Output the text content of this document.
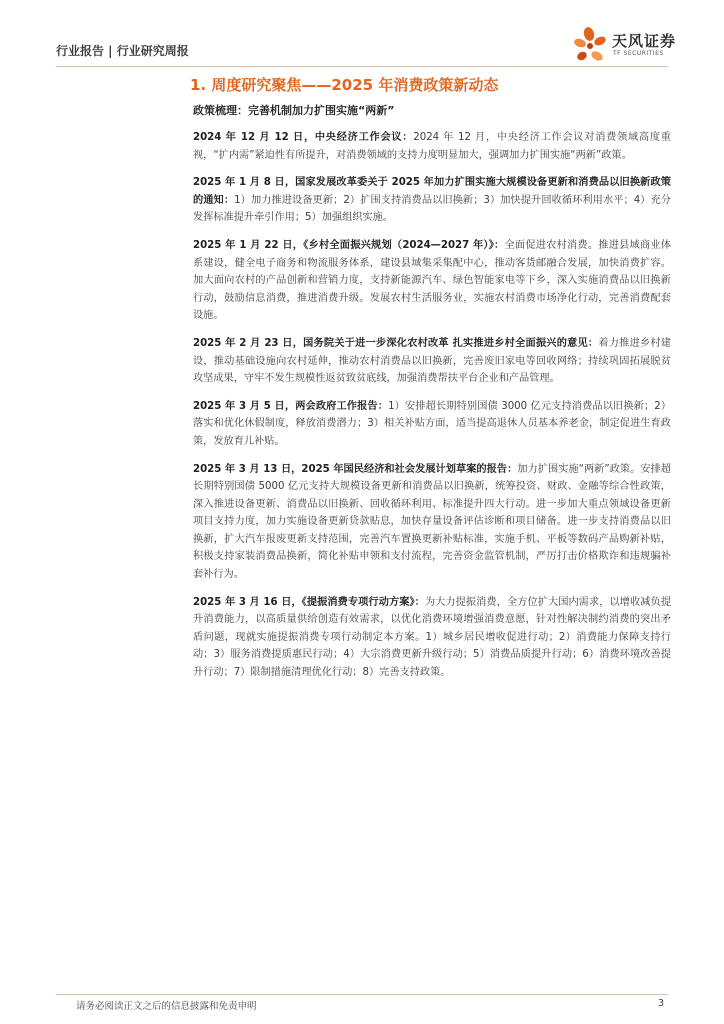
行业报告 | 行业研究周报
天风证券
TF SECURITIES
1. 周度研究聚焦——2025 年消费政策新动态
政策梳理：完善机制加力扩围实施“两新”

2024 年 12 月 12 日，中央经济工作会议：2024 年 12 月，中央经济工作会议对消费领域高度重视，“扩内需”紧迫性有所提升，对消费领域的支持力度明显加大，强调加力扩围实施“两新”政策。

2025 年 1 月 8 日，国家发展改革委关于 2025 年加力扩围实施大规模设备更新和消费品以旧换新政策的通知：1）加力推进设备更新；2）扩围支持消费品以旧换新；3）加快提升回收循环利用水平；4）充分发挥标准提升牵引作用；5）加强组织实施。

2025 年 1 月 22 日，《乡村全面振兴规划（2024—2027 年）》：全面促进农村消费。推进县域商业体系建设，健全电子商务和物流服务体系，建设县域集采集配中心，推动客货邮融合发展，加快消费扩容。加大面向农村的产品创新和营销力度，支持新能源汽车、绿色智能家电等下乡，深入实施消费品以旧换新行动，鼓励信息消费，推进消费升级。发展农村生活服务业，实施农村消费市场净化行动，完善消费配套设施。

2025 年 2 月 23 日，国务院关于进一步深化农村改革 扎实推进乡村全面振兴的意见：着力推进乡村建设，推动基础设施向农村延伸，推动农村消费品以旧换新，完善废旧家电等回收网络；持续巩固拓展脱贫攻坚成果，守牢不发生规模性返贫致贫底线，加强消费帮扶平台企业和产品管理。

2025 年 3 月 5 日，两会政府工作报告：1）安排超长期特别国债 3000 亿元支持消费品以旧换新；2）落实和优化休假制度，释放消费潜力；3）相关补贴方面，适当提高退休人员基本养老金，制定促进生育政策，发放育儿补贴。

2025 年 3 月 13 日，2025 年国民经济和社会发展计划草案的报告：加力扩围实施“两新”政策。安排超长期特别国债 5000 亿元支持大规模设备更新和消费品以旧换新，统筹投资、财政、金融等综合性政策，深入推进设备更新、消费品以旧换新、回收循环利用、标准提升四大行动。进一步加大重点领域设备更新项目支持力度，加力实施设备更新贷款贴息，加快存量设备评估诊断和项目储备。进一步支持消费品以旧换新，扩大汽车报废更新支持范围，完善汽车置换更新补贴标准，实施手机、平板等数码产品购新补贴，积极支持家装消费品换新，简化补贴申领和支付流程，完善资金监管机制，严厉打击价格欺诈和违规骗补套补行为。

2025 年 3 月 16 日，《提振消费专项行动方案》：为大力提振消费，全方位扩大国内需求，以增收减负提升消费能力，以高质量供给创造有效需求，以优化消费环境增强消费意愿，针对性解决制约消费的突出矛盾问题，现就实施提振消费专项行动制定本方案。1）城乡居民增收促进行动；2）消费能力保障支持行动；3）服务消费提质惠民行动；4）大宗消费更新升级行动；5）消费品质提升行动；6）消费环境改善提升行动；7）限制措施清理优化行动；8）完善支持政策。

请务必阅读正文之后的信息披露和免责申明	3
